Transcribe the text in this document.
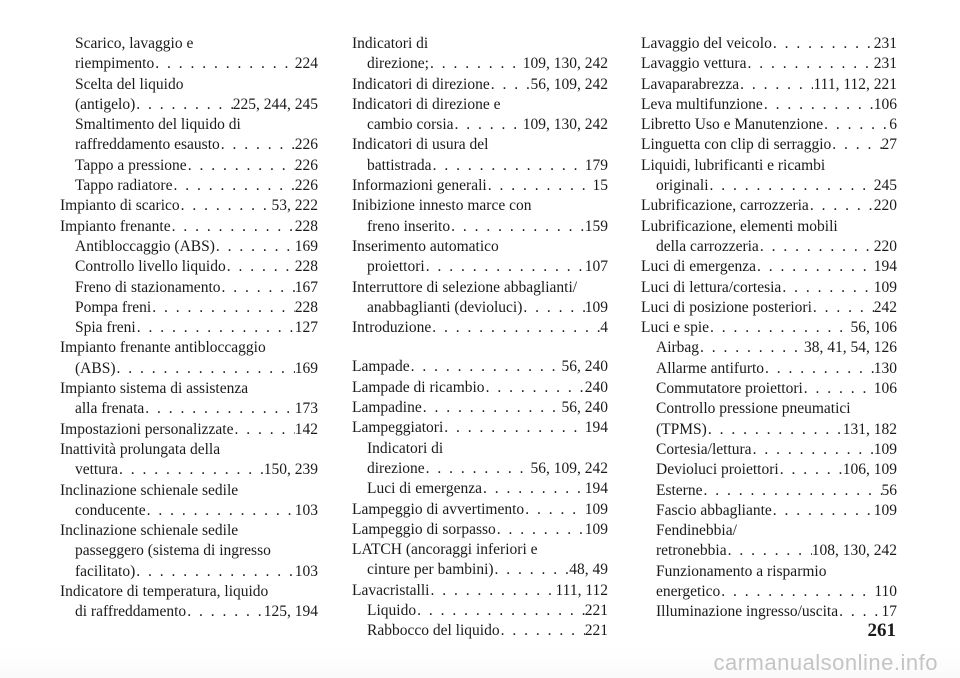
Scarico, lavaggio e
riempimento . . .	224
Scelta del liquido
(antigelo) . . .	225, 244, 245
Smaltimento del liquido di
raffreddamento esausto . . .	226
Tappo a pressione . . .	226
Tappo radiatore . . .	226
Impianto di scarico . . .	53, 222
Impianto frenante . . .	228
Antibloccaggio (ABS) . . .	169
Controllo livello liquido . . .	228
Freno di stazionamento . . .	167
Pompa freni . . .	228
Spia freni . . .	127
Impianto frenante antibloccaggio
(ABS) . . .	169
Impianto sistema di assistenza
alla frenata . . .	173
Impostazioni personalizzate . . .	142
Inattività prolungata della
vettura . . .	150, 239
Inclinazione schienale sedile
conducente . . .	103
Inclinazione schienale sedile
passeggero (sistema di ingresso
facilitato) . . .	103
Indicatore di temperatura, liquido
di raffreddamento . . .	125, 194
Indicatori di
direzione; . . .	109, 130, 242
Indicatori di direzione . . .	56, 109, 242
Indicatori di direzione e
cambio corsia . . .	109, 130, 242
Indicatori di usura del
battistrada . . .	179
Informazioni generali . . .	15
Inibizione innesto marce con
freno inserito . . .	159
Inserimento automatico
proiettori . . .	107
Interruttore di selezione abbaglianti/
anabbaglianti (devioluci) . . .	109
Introduzione . . .	4
Lampade . . .	56, 240
Lampade di ricambio . . .	240
Lampadine . . .	56, 240
Lampeggiatori . . .	194
Indicatori di
direzione . . .	56, 109, 242
Luci di emergenza . . .	194
Lampeggio di avvertimento . . .	109
Lampeggio di sorpasso . . .	109
LATCH (ancoraggi inferiori e
cinture per bambini) . . .	48, 49
Lavacristalli . . .	111, 112
Liquido . . .	221
Rabbocco del liquido . . .	221
Lavaggio del veicolo . . .	231
Lavaggio vettura . . .	231
Lavaparabrezza . . .	111, 112, 221
Leva multifunzione . . .	106
Libretto Uso e Manutenzione . . .	6
Linguetta con clip di serraggio . . .	27
Liquidi, lubrificanti e ricambi
originali . . .	245
Lubrificazione, carrozzeria . . .	220
Lubrificazione, elementi mobili
della carrozzeria . . .	220
Luci di emergenza . . .	194
Luci di lettura/cortesia . . .	109
Luci di posizione posteriori . . .	242
Luci e spie . . .	56, 106
Airbag . . .	38, 41, 54, 126
Allarme antifurto . . .	130
Commutatore proiettori . . .	106
Controllo pressione pneumatici
(TPMS) . . .	131, 182
Cortesia/lettura . . .	109
Devioluci proiettori . . .	106, 109
Esterne . . .	56
Fascio abbagliante . . .	109
Fendinebbia/
retronebbia . . .	108, 130, 242
Funzionamento a risparmio
energetico . . .	110
Illuminazione ingresso/uscita . . .	17
261
carmanualsonline.info
